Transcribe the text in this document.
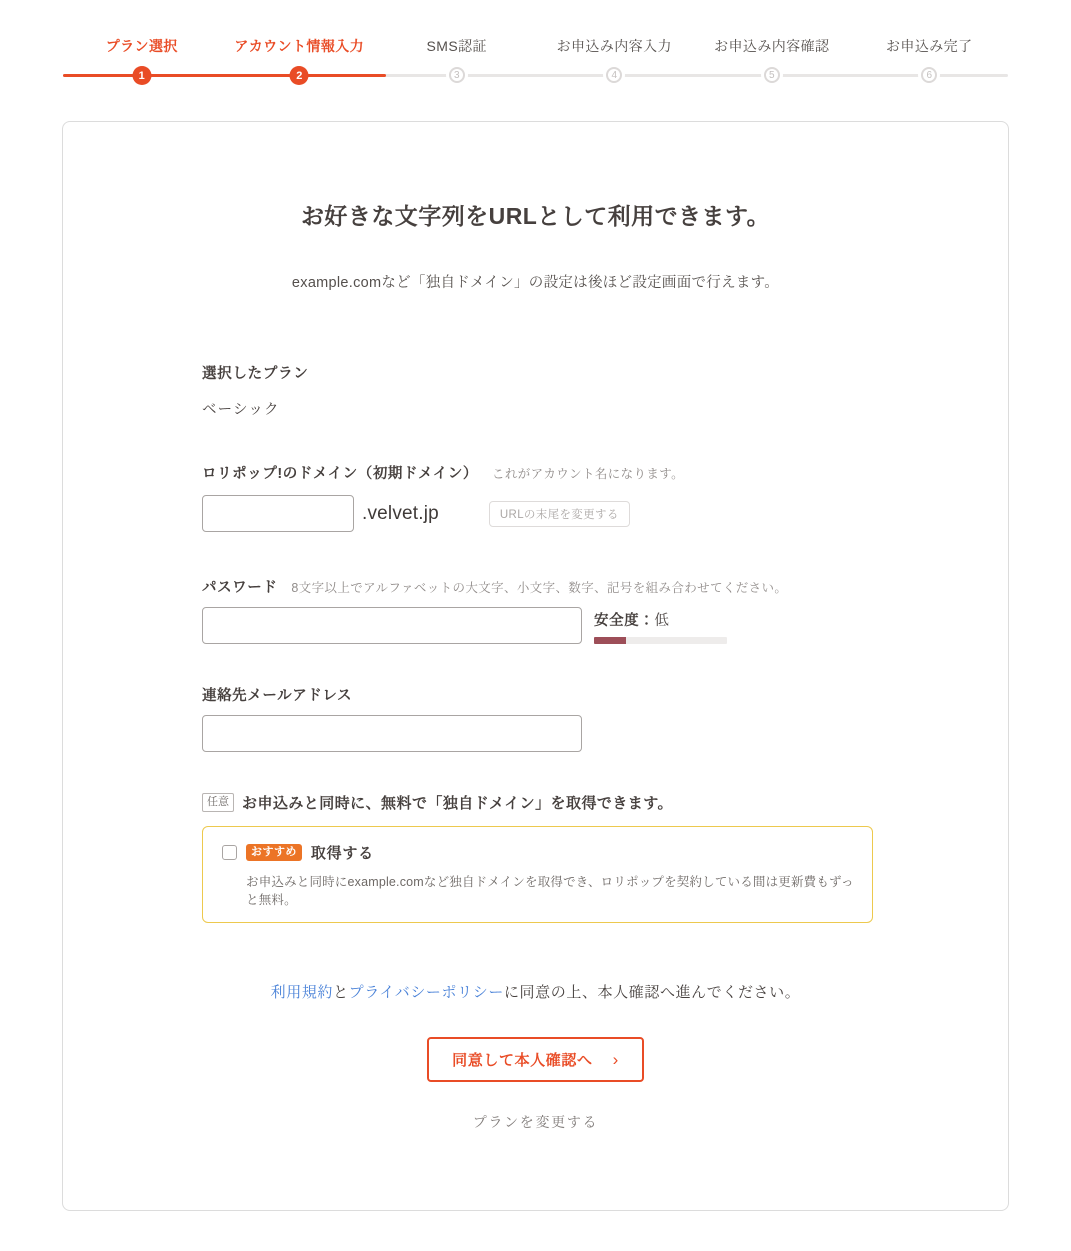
プラン選択	アカウント情報入力	SMS認証	お申込み内容入力	お申込み内容確認	お申込み完了
1	2	3	4	5	6
お好きな文字列をURLとして利用できます。

example.comなど「独自ドメイン」の設定は後ほど設定画面で行えます。

選択したプラン
ベーシック
ロリポップ!のドメイン（初期ドメイン） これがアカウント名になります。
.velvet.jp	URLの末尾を変更する
パスワード 8文字以上でアルファベットの大文字、小文字、数字、記号を組み合わせてください。
安全度：低
連絡先メールアドレス
任意 お申込みと同時に、無料で「独自ドメイン」を取得できます。
おすすめ 取得する

お申込みと同時にexample.comなど独自ドメインを取得でき、ロリポップを契約している間は更新費もずっと無料。

利用規約とプライバシーポリシーに同意の上、本人確認へ進んでください。

同意して本人確認へ ›
プランを変更する
